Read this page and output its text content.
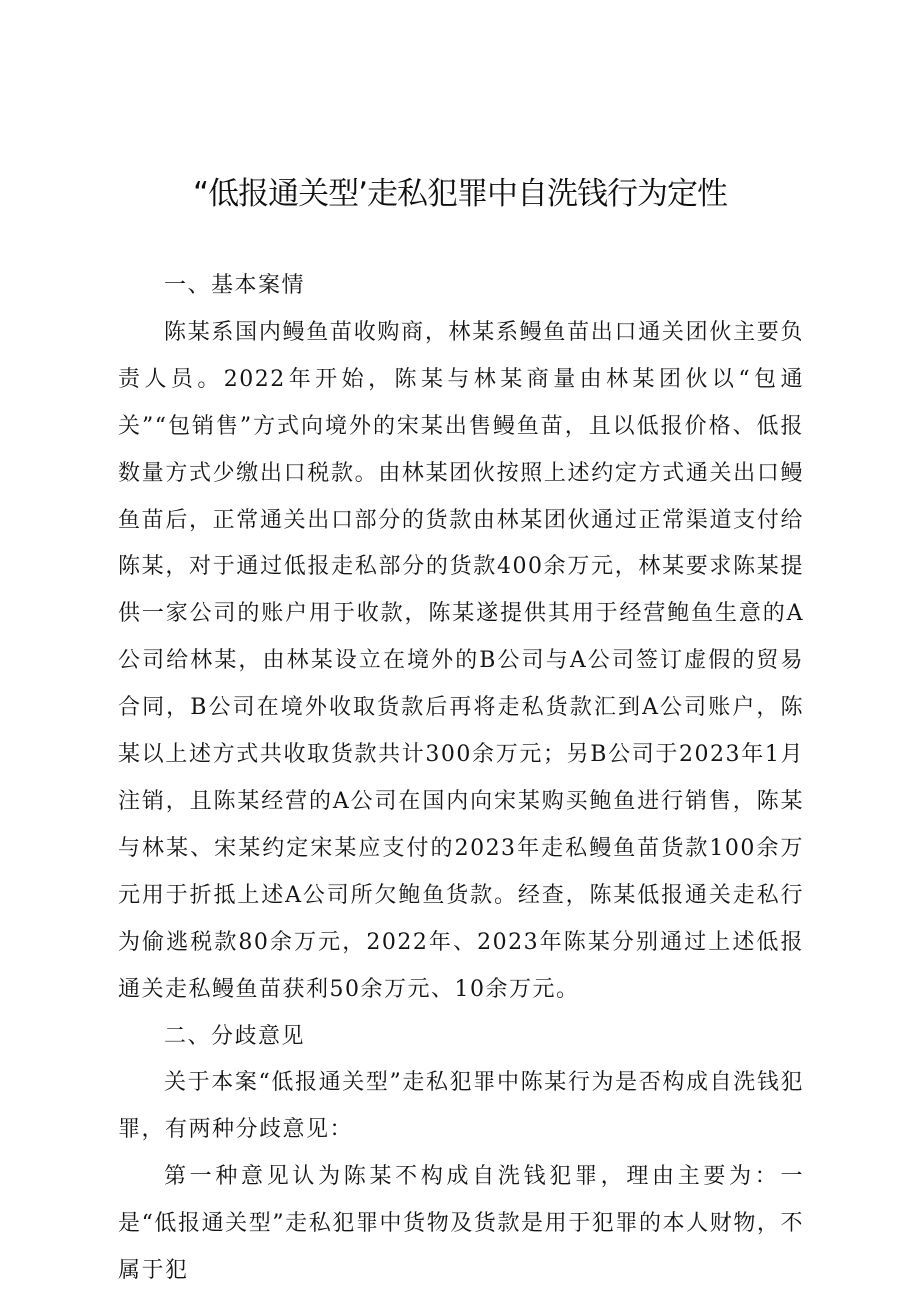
“低报通关型’走私犯罪中自洗钱行为定性

一、基本案情

陈某系国内鳗鱼苗收购商，林某系鳗鱼苗出口通关团伙主要负责人员。2022年开始，陈某与林某商量由林某团伙以“包通关”“包销售”方式向境外的宋某出售鳗鱼苗，且以低报价格、低报数量方式少缴出口税款。由林某团伙按照上述约定方式通关出口鳗鱼苗后，正常通关出口部分的货款由林某团伙通过正常渠道支付给陈某，对于通过低报走私部分的货款400余万元，林某要求陈某提供一家公司的账户用于收款，陈某遂提供其用于经营鲍鱼生意的A公司给林某，由林某设立在境外的B公司与A公司签订虚假的贸易合同，B公司在境外收取货款后再将走私货款汇到A公司账户，陈某以上述方式共收取货款共计300余万元；另B公司于2023年1月注销，且陈某经营的A公司在国内向宋某购买鲍鱼进行销售，陈某与林某、宋某约定宋某应支付的2023年走私鳗鱼苗货款100余万元用于折抵上述A公司所欠鲍鱼货款。经查，陈某低报通关走私行为偷逃税款80余万元，2022年、2023年陈某分别通过上述低报通关走私鳗鱼苗获利50余万元、10余万元。

二、分歧意见

关于本案“低报通关型”走私犯罪中陈某行为是否构成自洗钱犯罪，有两种分歧意见：

第一种意见认为陈某不构成自洗钱犯罪，理由主要为：一是“低报通关型”走私犯罪中货物及货款是用于犯罪的本人财物，不属于犯
